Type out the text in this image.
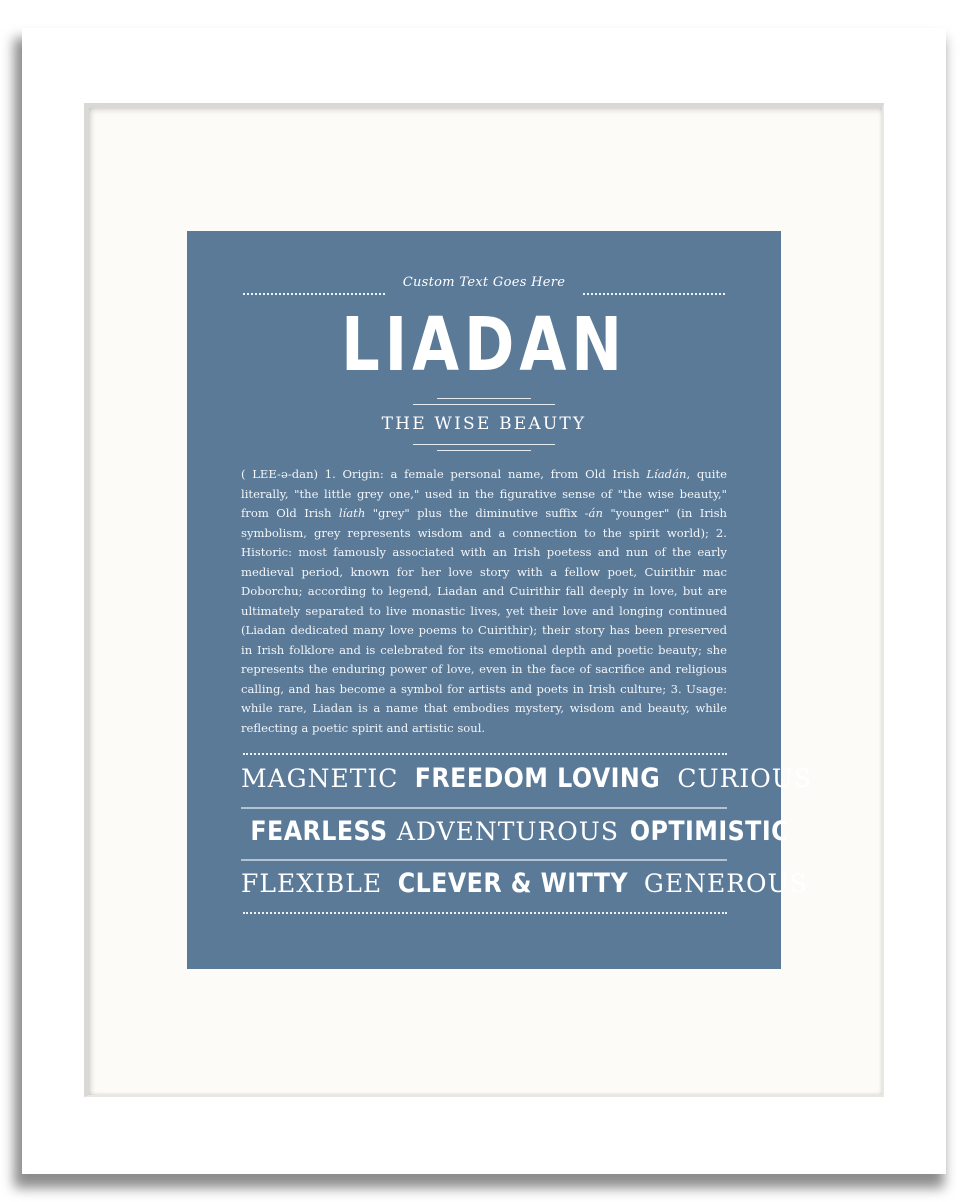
Custom Text Goes Here
LIADAN
THE WISE BEAUTY
( LEE-ə-dan) 1. Origin: a female personal name, from Old Irish Líadán, quite literally, "the little grey one," used in the figurative sense of "the wise beauty," from Old Irish líath "grey" plus the diminutive suffix -án "younger" (in Irish symbolism, grey represents wisdom and a connection to the spirit world); 2. Historic: most famously associated with an Irish poetess and nun of the early medieval period, known for her love story with a fellow poet, Cuirithir mac Doborchu; according to legend, Liadan and Cuirithir fall deeply in love, but are ultimately separated to live monastic lives, yet their love and longing continued (Liadan dedicated many love poems to Cuirithir); their story has been preserved in Irish folklore and is celebrated for its emotional depth and poetic beauty; she represents the enduring power of love, even in the face of sacrifice and religious calling, and has become a symbol for artists and poets in Irish culture; 3. Usage: while rare, Liadan is a name that embodies mystery, wisdom and beauty, while reflecting a poetic spirit and artistic soul.
MAGNETIC FREEDOM LOVING CURIOUS
FEARLESS ADVENTUROUS OPTIMISTIC
FLEXIBLE CLEVER & WITTY GENEROUS
